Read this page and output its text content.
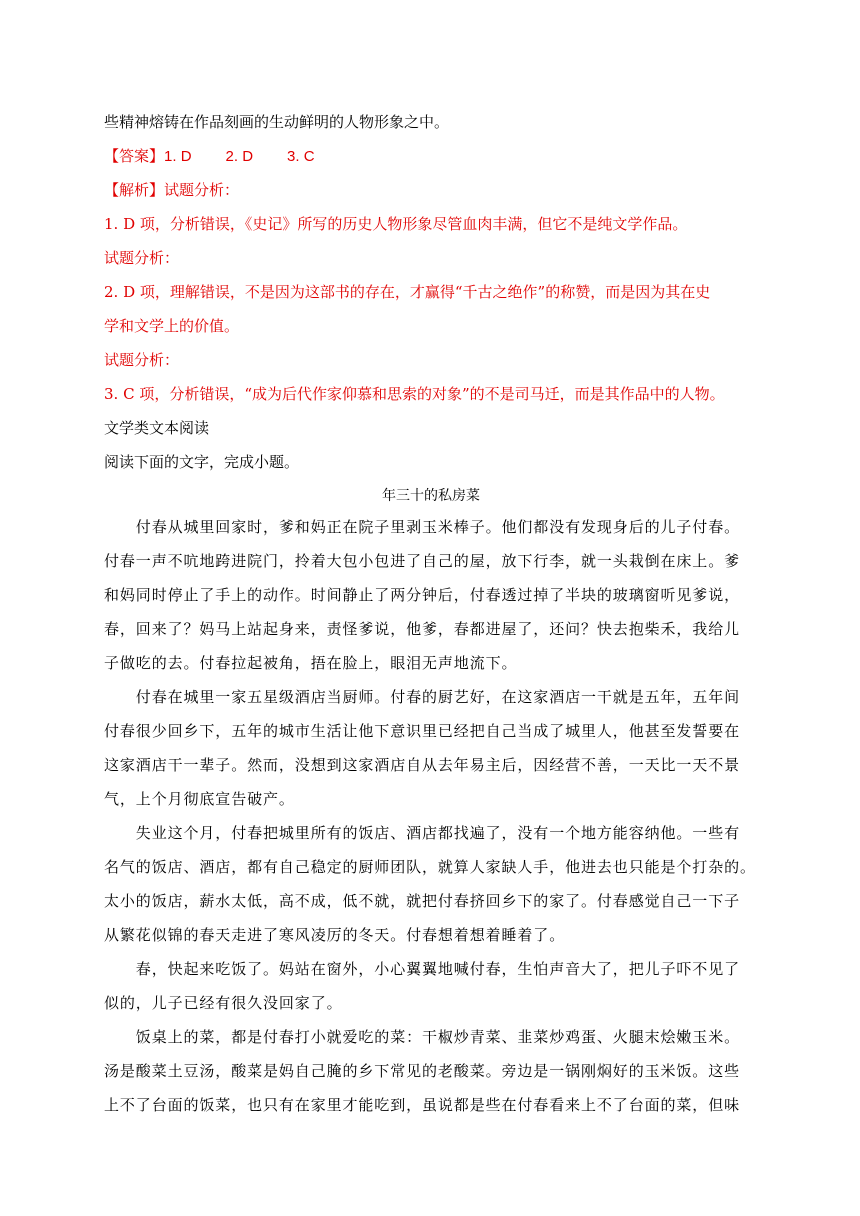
些精神熔铸在作品刻画的生动鲜明的人物形象之中。
【答案】1. D 2. D 3. C
【解析】试题分析：
1. D 项，分析错误，《史记》所写的历史人物形象尽管血肉丰满，但它不是纯文学作品。
试题分析：
2. D 项，理解错误，不是因为这部书的存在，才赢得“千古之绝作”的称赞，而是因为其在史
学和文学上的价值。
试题分析：
3. C 项，分析错误，“成为后代作家仰慕和思索的对象”的不是司马迁，而是其作品中的人物。
文学类文本阅读
阅读下面的文字，完成小题。
年三十的私房菜

　　付春从城里回家时，爹和妈正在院子里剥玉米棒子。他们都没有发现身后的儿子付春。

付春一声不吭地跨进院门，拎着大包小包进了自己的屋，放下行李，就一头栽倒在床上。爹

和妈同时停止了手上的动作。时间静止了两分钟后，付春透过掉了半块的玻璃窗听见爹说，

春，回来了？妈马上站起身来，责怪爹说，他爹，春都进屋了，还问？快去抱柴禾，我给儿

子做吃的去。付春拉起被角，捂在脸上，眼泪无声地流下。

　　付春在城里一家五星级酒店当厨师。付春的厨艺好，在这家酒店一干就是五年，五年间

付春很少回乡下，五年的城市生活让他下意识里已经把自己当成了城里人，他甚至发誓要在

这家酒店干一辈子。然而，没想到这家酒店自从去年易主后，因经营不善，一天比一天不景

气，上个月彻底宣告破产。

　　失业这个月，付春把城里所有的饭店、酒店都找遍了，没有一个地方能容纳他。一些有

名气的饭店、酒店，都有自己稳定的厨师团队，就算人家缺人手，他进去也只能是个打杂的。

太小的饭店，薪水太低，高不成，低不就，就把付春挤回乡下的家了。付春感觉自己一下子

从繁花似锦的春天走进了寒风凌厉的冬天。付春想着想着睡着了。

　　春，快起来吃饭了。妈站在窗外，小心翼翼地喊付春，生怕声音大了，把儿子吓不见了

似的，儿子已经有很久没回家了。

　　饭桌上的菜，都是付春打小就爱吃的菜：干椒炒青菜、韭菜炒鸡蛋、火腿末烩嫩玉米。

汤是酸菜土豆汤，酸菜是妈自己腌的乡下常见的老酸菜。旁边是一锅刚焖好的玉米饭。这些

上不了台面的饭菜，也只有在家里才能吃到，虽说都是些在付春看来上不了台面的菜，但味
